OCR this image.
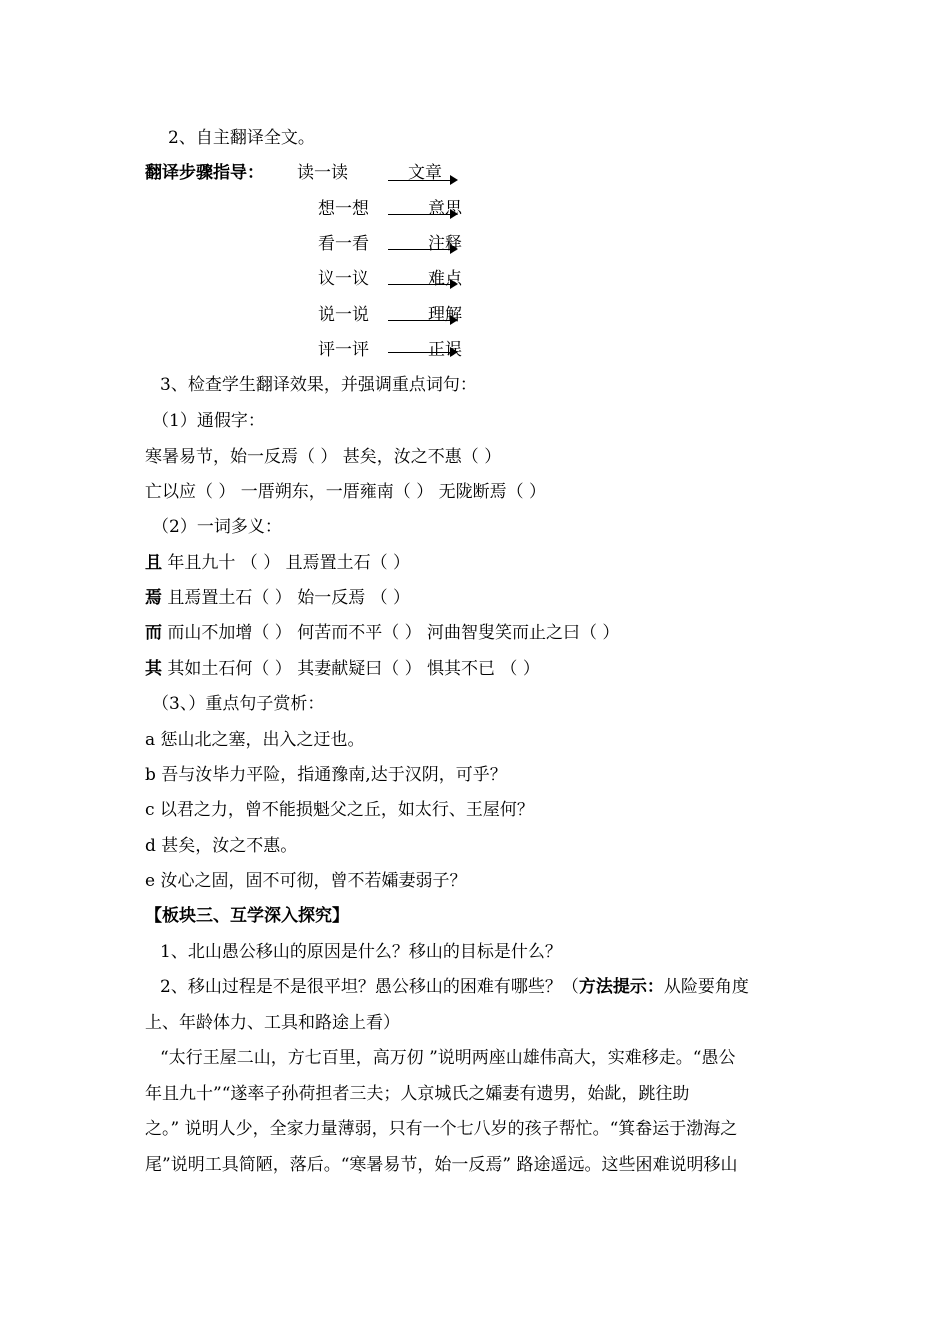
2、自主翻译全文。
翻译步骤指导： 读一读	文章
想一想	意思
看一看	注释
议一议	难点
说一说	理解
评一评	正误
3、检查学生翻译效果，并强调重点词句：
（1）通假字：
寒暑易节，始一反焉（ ） 甚矣，汝之不惠（ ）
亡以应（ ） 一厝朔东，一厝雍南（ ） 无陇断焉（ ）
（2）一词多义：
且 年且九十 （ ） 且焉置土石（ ）
焉 且焉置土石（ ） 始一反焉 （ ）
而 而山不加增（ ） 何苦而不平（ ） 河曲智叟笑而止之曰（ ）
其 其如土石何（ ） 其妻献疑曰（ ） 惧其不已 （ ）
（3、）重点句子赏析：
a 惩山北之塞，出入之迂也。
b 吾与汝毕力平险，指通豫南,达于汉阴，可乎？
c 以君之力，曾不能损魁父之丘，如太行、王屋何？
d 甚矣，汝之不惠。
e 汝心之固，固不可彻，曾不若孀妻弱子？
【板块三、互学深入探究】
1、北山愚公移山的原因是什么？移山的目标是什么？
2、移山过程是不是很平坦？愚公移山的困难有哪些？（方法提示：从险要角度
上、年龄体力、工具和路途上看）
“太行王屋二山，方七百里，高万仞 ”说明两座山雄伟高大，实难移走。“愚公
年且九十”“遂率子孙荷担者三夫；人京城氏之孀妻有遗男，始龀，跳往助
之。” 说明人少，全家力量薄弱，只有一个七八岁的孩子帮忙。“箕畚运于渤海之
尾”说明工具简陋，落后。“寒暑易节，始一反焉” 路途遥远。这些困难说明移山
